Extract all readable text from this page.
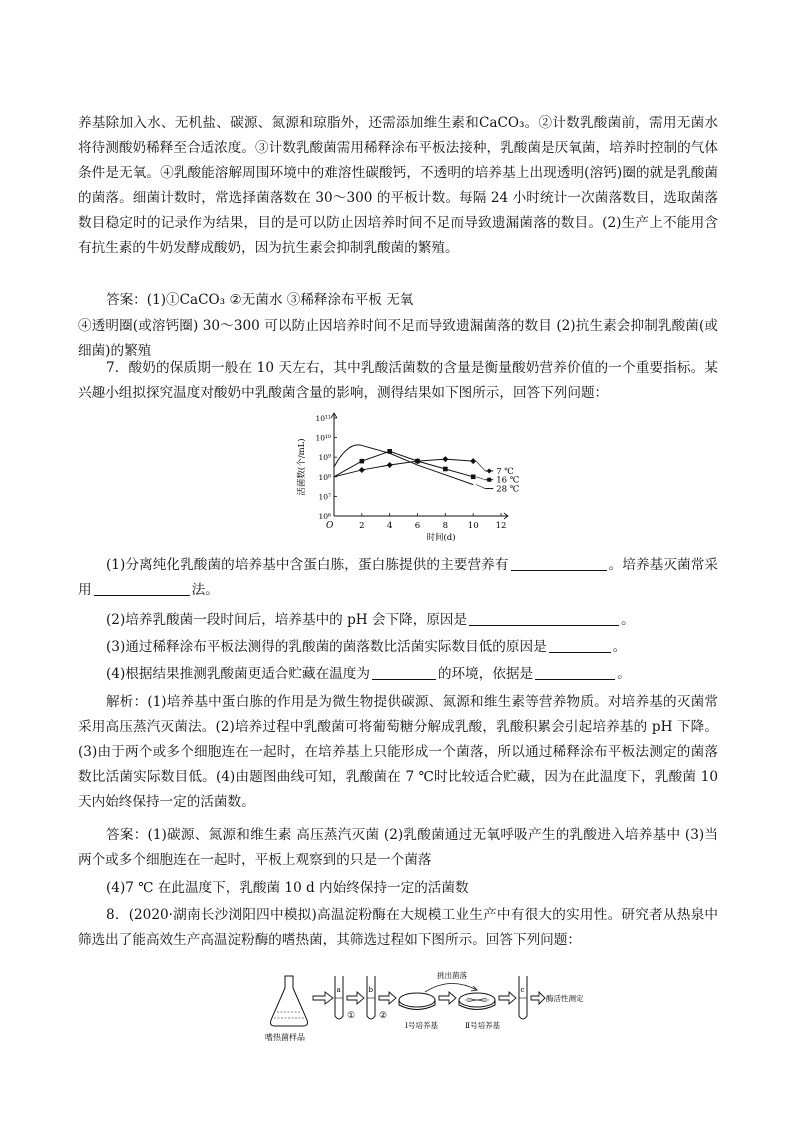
养基除加入水、无机盐、碳源、氮源和琼脂外，还需添加维生素和CaCO₃。②计数乳酸菌前，需用无菌水将待测酸奶稀释至合适浓度。③计数乳酸菌需用稀释涂布平板法接种，乳酸菌是厌氧菌，培养时控制的气体条件是无氧。④乳酸能溶解周围环境中的难溶性碳酸钙，不透明的培养基上出现透明(溶钙)圈的就是乳酸菌的菌落。细菌计数时，常选择菌落数在 30～300 的平板计数。每隔 24 小时统计一次菌落数目，选取菌落数目稳定时的记录作为结果，目的是可以防止因培养时间不足而导致遗漏菌落的数目。(2)生产上不能用含有抗生素的牛奶发酵成酸奶，因为抗生素会抑制乳酸菌的繁殖。

答案：(1)①CaCO₃ ②无菌水 ③稀释涂布平板 无氧

④透明圈(或溶钙圈) 30～300 可以防止因培养时间不足而导致遗漏菌落的数目 (2)抗生素会抑制乳酸菌(或细菌)的繁殖

7．酸奶的保质期一般在 10 天左右，其中乳酸活菌数的含量是衡量酸奶营养价值的一个重要指标。某兴趣小组拟探究温度对酸奶中乳酸菌含量的影响，测得结果如下图所示，回答下列问题：

O	2	4	6	8 10 12
10⁶
10⁷
10⁸
10⁹
10¹⁰
10¹¹
时间(d)
活菌数(个/mL)	7 ℃
16 ℃
28 ℃

(1)分离纯化乳酸菌的培养基中含蛋白胨，蛋白胨提供的主要营养有	。培养基灭菌常采用	法。

(2)培养乳酸菌一段时间后，培养基中的 pH 会下降，原因是	。

(3)通过稀释涂布平板法测得的乳酸菌的菌落数比活菌实际数目低的原因是	。

(4)根据结果推测乳酸菌更适合贮藏在温度为	的环境，依据是	。

解析：(1)培养基中蛋白胨的作用是为微生物提供碳源、氮源和维生素等营养物质。对培养基的灭菌常采用高压蒸汽灭菌法。(2)培养过程中乳酸菌可将葡萄糖分解成乳酸，乳酸积累会引起培养基的 pH 下降。(3)由于两个或多个细胞连在一起时，在培养基上只能形成一个菌落，所以通过稀释涂布平板法测定的菌落数比活菌实际数目低。(4)由题图曲线可知，乳酸菌在 7 ℃时比较适合贮藏，因为在此温度下，乳酸菌 10 天内始终保持一定的活菌数。

答案：(1)碳源、氮源和维生素 高压蒸汽灭菌 (2)乳酸菌通过无氧呼吸产生的乳酸进入培养基中 (3)当两个或多个细胞连在一起时，平板上观察到的只是一个菌落

(4)7 ℃ 在此温度下，乳酸菌 10 d 内始终保持一定的活菌数

8．(2020·湖南长沙浏阳四中模拟)高温淀粉酶在大规模工业生产中有很大的实用性。研究者从热泉中筛选出了能高效生产高温淀粉酶的嗜热菌，其筛选过程如下图所示。回答下列问题：

嗜热菌样品
a
①
b
②
Ⅰ号培养基
挑出菌落
Ⅱ号培养基
c
酶活性测定
